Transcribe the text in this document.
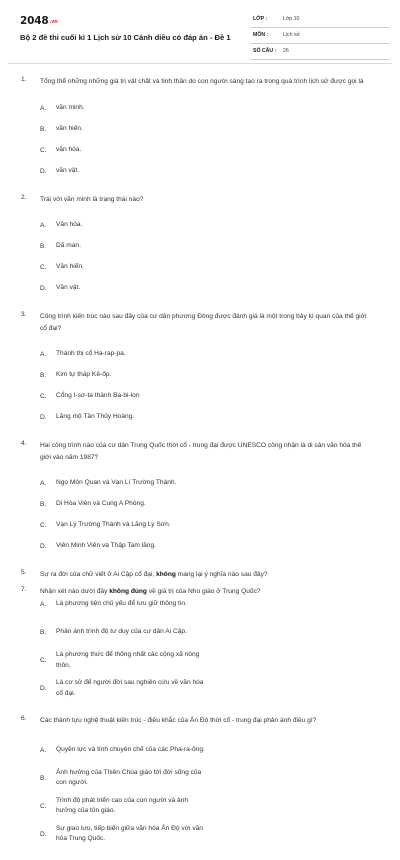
2048.vn
Bộ 2 đề thi cuối kì 1 Lịch sử 10 Cánh diều có đáp án - Đề 1
LỚP :	Lớp 10
MÔN :	Lịch sử
SỐ CÂU : 26
1. Tổng thể những những giá trị vật chất và tinh thần do con người sáng tạo ra trong quá trình lịch sử được gọi là
A.	văn minh.
B.	văn hiến.
C.	văn hóa.
D.	văn vật.
2. Trái với văn minh là trạng thái nào?
A.	Văn hóa.
B.	Dã man.
C.	Văn hiến.
D.	Văn vật.
3. Công trình kiến trúc nào sau đây của cư dân phương Đông được đánh giá là một trong bảy kì quan của thế giới cổ đại?
A.	Thành thị cổ Ha-rap-pa.
B.	Kim tự tháp Kê-ốp.
C.	Cổng I-sơ-ta thành Ba-bi-lon
D.	Lăng mộ Tần Thủy Hoàng.
4. Hai công trình nào của cư dân Trung Quốc thời cổ - trung đại được UNESCO công nhận là di sản văn hóa thế giới vào năm 1987?
A.	Ngọ Môn Quan và Vạn Lí Trường Thành.
B.	Di Hòa Viên và Cung A Phòng.
C.	Vạn Lý Trường Thành và Lăng Ly Sơn.
D.	Viên Minh Viên và Thập Tam lăng.
5. Sự ra đời của chữ viết ở Ai Cập cổ đại, không mang lại ý nghĩa nào sau đây?
A.	Là phương tiện chủ yếu để lưu giữ thông tin.
B.	Phản ánh trình độ tư duy của cư dân Ai Cập.
C.
Là phương thức để thống nhất các cộng xã nông thôn.
D.
Là cơ sở để người đời sau nghiên cứu về văn hóa cổ đại.
6. Các thành tựu nghệ thuật kiến trúc - điêu khắc của Ấn Độ thời cổ - trung đại phản ánh điều gì?
A.	Quyền lực và tính chuyên chế của các Pha-ra-ông.
B.
Ảnh hưởng của Thiên Chúa giáo tới đời sống của con người.
C.
Trình độ phát triển cao của con người và ảnh hưởng của tôn giáo.
D.
Sự giao lưu, tiếp biến giữa văn hóa Ấn Độ với văn hóa Trung Quốc.
7. Nhận xét nào dưới đây không đúng về giá trị của Nho giáo ở Trung Quốc?
